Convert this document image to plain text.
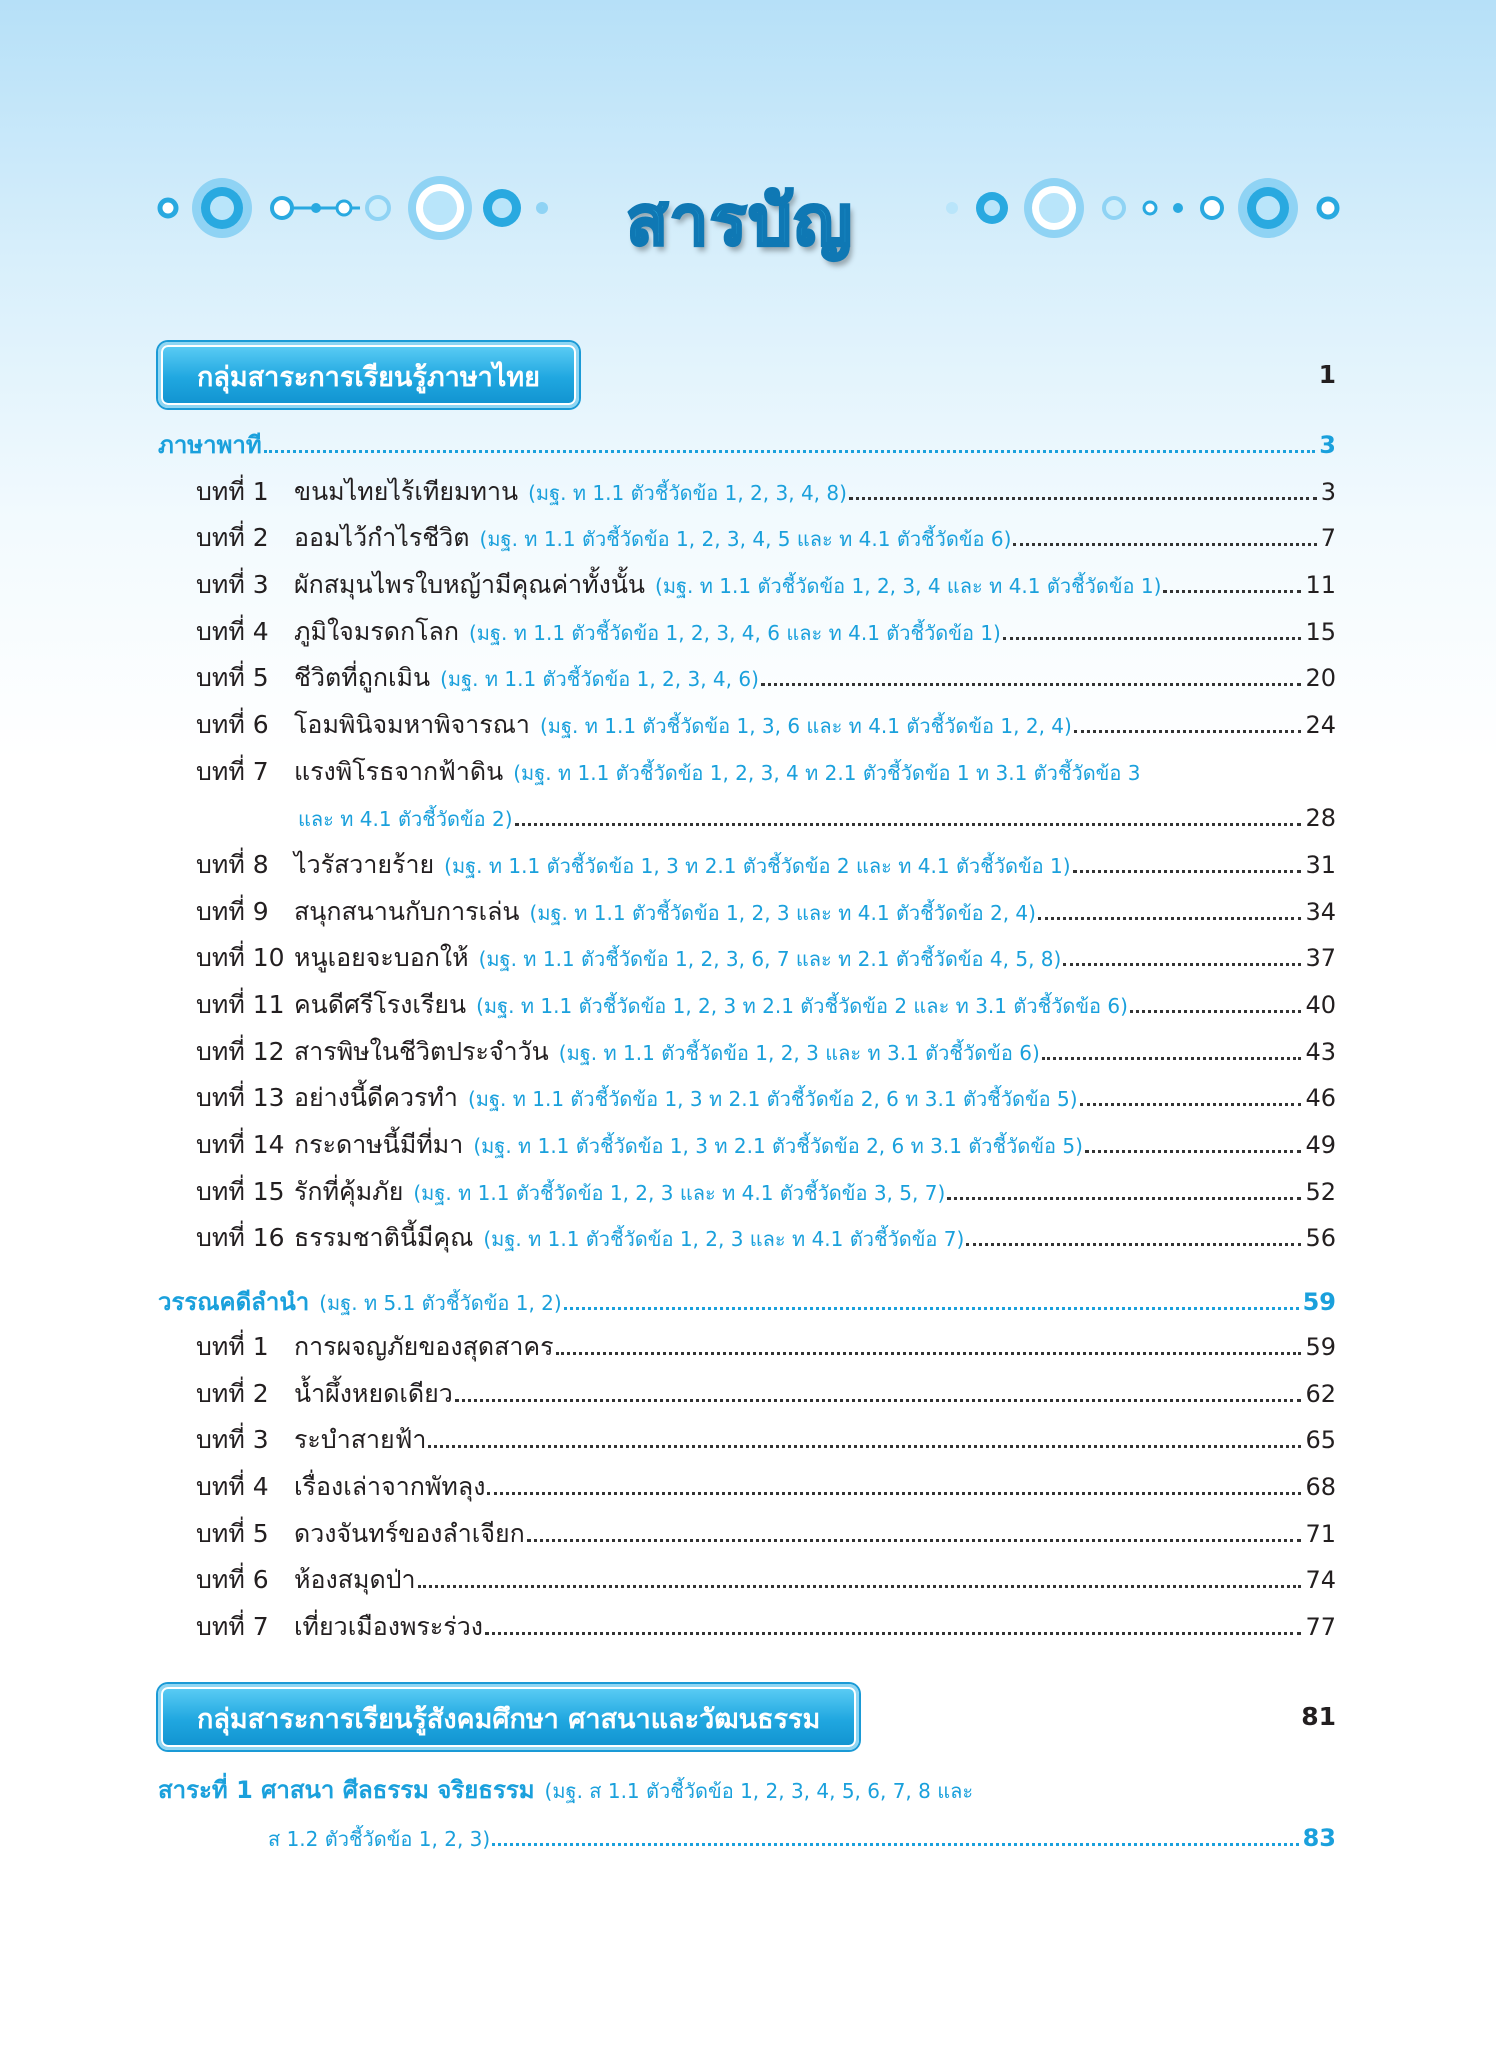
สารบัญ
กลุ่มสาระการเรียนรู้ภาษาไทย	1
ภาษาพาที	3
บทที่ 1	ขนมไทยไร้เทียมทาน (มฐ. ท 1.1 ตัวชี้วัดข้อ 1, 2, 3, 4, 8)	3
บทที่ 2	ออมไว้กำไรชีวิต (มฐ. ท 1.1 ตัวชี้วัดข้อ 1, 2, 3, 4, 5 และ ท 4.1 ตัวชี้วัดข้อ 6)	7
บทที่ 3	ผักสมุนไพรใบหญ้ามีคุณค่าทั้งนั้น (มฐ. ท 1.1 ตัวชี้วัดข้อ 1, 2, 3, 4 และ ท 4.1 ตัวชี้วัดข้อ 1)	11
บทที่ 4	ภูมิใจมรดกโลก (มฐ. ท 1.1 ตัวชี้วัดข้อ 1, 2, 3, 4, 6 และ ท 4.1 ตัวชี้วัดข้อ 1)	15
บทที่ 5	ชีวิตที่ถูกเมิน (มฐ. ท 1.1 ตัวชี้วัดข้อ 1, 2, 3, 4, 6)	20
บทที่ 6	โอมพินิจมหาพิจารณา (มฐ. ท 1.1 ตัวชี้วัดข้อ 1, 3, 6 และ ท 4.1 ตัวชี้วัดข้อ 1, 2, 4)	24
บทที่ 7	แรงพิโรธจากฟ้าดิน (มฐ. ท 1.1 ตัวชี้วัดข้อ 1, 2, 3, 4 ท 2.1 ตัวชี้วัดข้อ 1 ท 3.1 ตัวชี้วัดข้อ 3
และ ท 4.1 ตัวชี้วัดข้อ 2)	28
บทที่ 8	ไวรัสวายร้าย (มฐ. ท 1.1 ตัวชี้วัดข้อ 1, 3 ท 2.1 ตัวชี้วัดข้อ 2 และ ท 4.1 ตัวชี้วัดข้อ 1)	31
บทที่ 9	สนุกสนานกับการเล่น (มฐ. ท 1.1 ตัวชี้วัดข้อ 1, 2, 3 และ ท 4.1 ตัวชี้วัดข้อ 2, 4)	34
บทที่ 10 หนูเอยจะบอกให้ (มฐ. ท 1.1 ตัวชี้วัดข้อ 1, 2, 3, 6, 7 และ ท 2.1 ตัวชี้วัดข้อ 4, 5, 8)	37
บทที่ 11 คนดีศรีโรงเรียน (มฐ. ท 1.1 ตัวชี้วัดข้อ 1, 2, 3 ท 2.1 ตัวชี้วัดข้อ 2 และ ท 3.1 ตัวชี้วัดข้อ 6)	40
บทที่ 12 สารพิษในชีวิตประจำวัน (มฐ. ท 1.1 ตัวชี้วัดข้อ 1, 2, 3 และ ท 3.1 ตัวชี้วัดข้อ 6)	43
บทที่ 13 อย่างนี้ดีควรทำ (มฐ. ท 1.1 ตัวชี้วัดข้อ 1, 3 ท 2.1 ตัวชี้วัดข้อ 2, 6 ท 3.1 ตัวชี้วัดข้อ 5)	46
บทที่ 14 กระดาษนี้มีที่มา (มฐ. ท 1.1 ตัวชี้วัดข้อ 1, 3 ท 2.1 ตัวชี้วัดข้อ 2, 6 ท 3.1 ตัวชี้วัดข้อ 5)	49
บทที่ 15 รักที่คุ้มภัย (มฐ. ท 1.1 ตัวชี้วัดข้อ 1, 2, 3 และ ท 4.1 ตัวชี้วัดข้อ 3, 5, 7)	52
บทที่ 16 ธรรมชาตินี้มีคุณ (มฐ. ท 1.1 ตัวชี้วัดข้อ 1, 2, 3 และ ท 4.1 ตัวชี้วัดข้อ 7)	56
วรรณคดีลำนำ (มฐ. ท 5.1 ตัวชี้วัดข้อ 1, 2)	59
บทที่ 1	การผจญภัยของสุดสาคร	59
บทที่ 2	น้ำผึ้งหยดเดียว	62
บทที่ 3	ระบำสายฟ้า	65
บทที่ 4	เรื่องเล่าจากพัทลุง	68
บทที่ 5	ดวงจันทร์ของลำเจียก	71
บทที่ 6	ห้องสมุดป่า	74
บทที่ 7	เที่ยวเมืองพระร่วง	77
กลุ่มสาระการเรียนรู้สังคมศึกษา ศาสนาและวัฒนธรรม	81
สาระที่ 1 ศาสนา ศีลธรรม จริยธรรม (มฐ. ส 1.1 ตัวชี้วัดข้อ 1, 2, 3, 4, 5, 6, 7, 8 และ
ส 1.2 ตัวชี้วัดข้อ 1, 2, 3)	83
